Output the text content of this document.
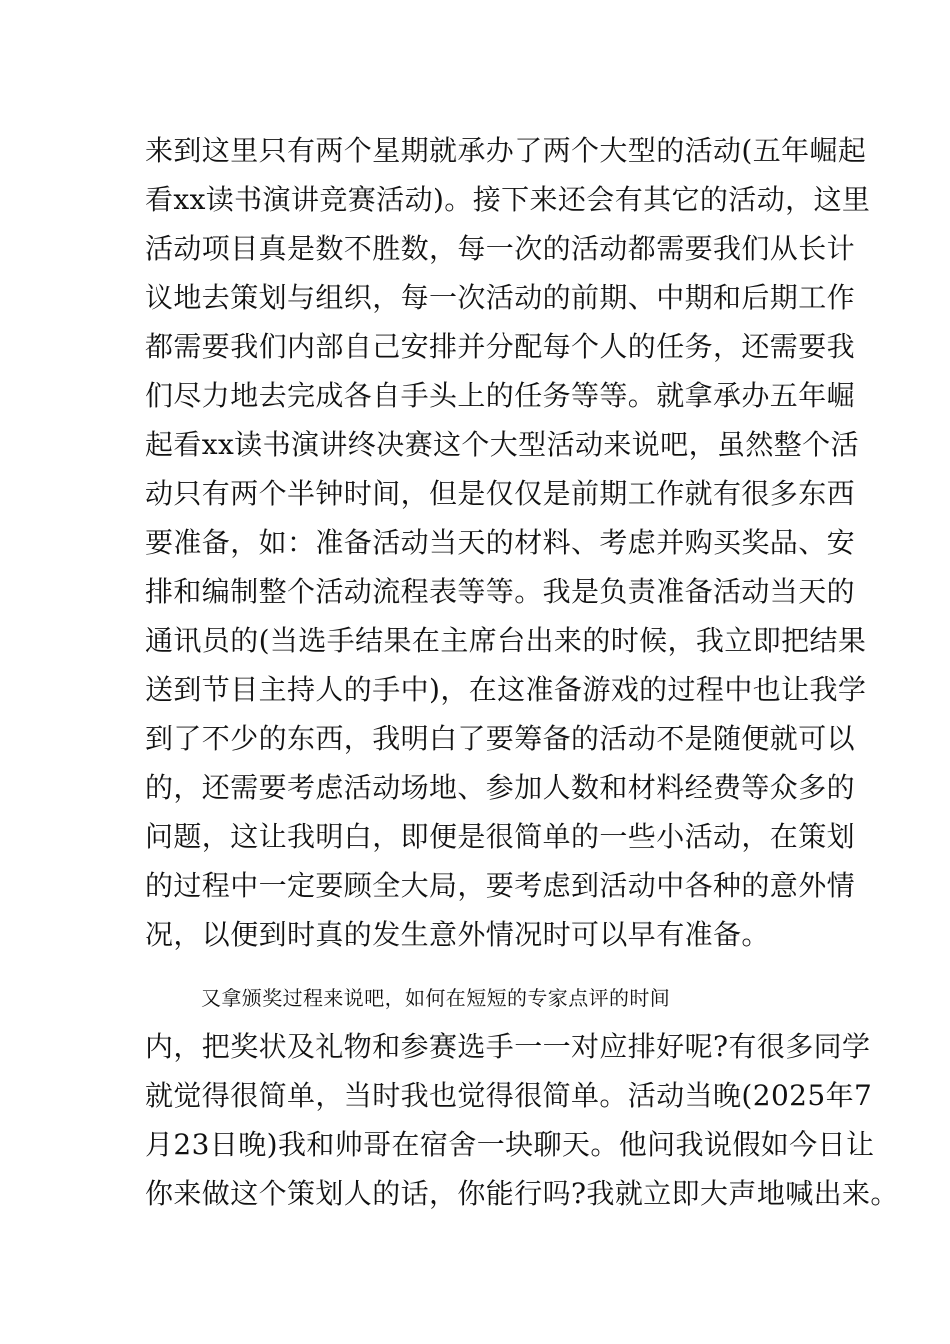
来到这里只有两个星期就承办了两个大型的活动(五年崛起
看xx读书演讲竞赛活动)。接下来还会有其它的活动，这里
活动项目真是数不胜数，每一次的活动都需要我们从长计
议地去策划与组织，每一次活动的前期、中期和后期工作
都需要我们内部自己安排并分配每个人的任务，还需要我
们尽力地去完成各自手头上的任务等等。就拿承办五年崛
起看xx读书演讲终决赛这个大型活动来说吧，虽然整个活
动只有两个半钟时间，但是仅仅是前期工作就有很多东西
要准备，如：准备活动当天的材料、考虑并购买奖品、安
排和编制整个活动流程表等等。我是负责准备活动当天的
通讯员的(当选手结果在主席台出来的时候，我立即把结果
送到节目主持人的手中)，在这准备游戏的过程中也让我学
到了不少的东西，我明白了要筹备的活动不是随便就可以
的，还需要考虑活动场地、参加人数和材料经费等众多的
问题，这让我明白，即便是很简单的一些小活动，在策划
的过程中一定要顾全大局，要考虑到活动中各种的意外情
况，以便到时真的发生意外情况时可以早有准备。
又拿颁奖过程来说吧，如何在短短的专家点评的时间
内，把奖状及礼物和参赛选手一一对应排好呢?有很多同学
就觉得很简单，当时我也觉得很简单。活动当晚(2025年7
月23日晚)我和帅哥在宿舍一块聊天。他问我说假如今日让
你来做这个策划人的话，你能行吗?我就立即大声地喊出来。
